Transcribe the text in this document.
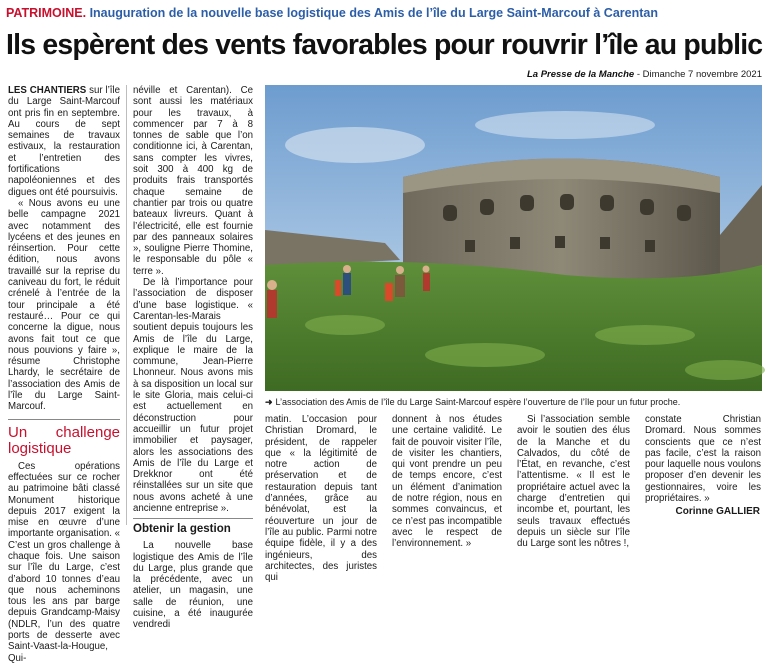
PATRIMOINE. Inauguration de la nouvelle base logistique des Amis de l’île du Large Saint-Marcouf à Carentan
Ils espèrent des vents favorables pour rouvrir l’île au public
La Presse de la Manche - Dimanche 7 novembre 2021

LES CHANTIERS sur l’île du Large Saint-Marcouf ont pris fin en septembre. Au cours de sept semaines de travaux estivaux, la restauration et l’entretien des fortifications napoléoniennes et des digues ont été poursuivis.

« Nous avons eu une belle campagne 2021 avec notamment des lycéens et des jeunes en réinsertion. Pour cette édition, nous avons travaillé sur la reprise du caniveau du fort, le réduit crénelé à l’entrée de la tour principale a été restauré… Pour ce qui concerne la digue, nous avons fait tout ce que nous pouvions y faire », résume Christophe Lhardy, le secrétaire de l’association des Amis de l’île du Large Saint-Marcouf.

Un challenge logistique

Ces opérations effectuées sur ce rocher au patrimoine bâti classé Monument historique depuis 2017 exigent la mise en œuvre d’une importante organisation. « C’est un gros challenge à chaque fois. Une saison sur l’île du Large, c’est d’abord 10 tonnes d’eau que nous acheminons tous les ans par barge depuis Grandcamp-Maisy (NDLR, l’un des quatre ports de desserte avec Saint-Vaast-la-Hougue, Qui-

néville et Carentan). Ce sont aussi les matériaux pour les travaux, à commencer par 7 à 8 tonnes de sable que l’on conditionne ici, à Carentan, sans compter les vivres, soit 300 à 400 kg de produits frais transportés chaque semaine de chantier par trois ou quatre bateaux livreurs. Quant à l’électricité, elle est fournie par des panneaux solaires », souligne Pierre Thomine, le responsable du pôle « terre ».

De là l’importance pour l’association de disposer d’une base logistique. « Carentan-les-Marais soutient depuis toujours les Amis de l’île du Large, explique le maire de la commune, Jean-Pierre Lhonneur. Nous avons mis à sa disposition un local sur le site Gloria, mais celui-ci est actuellement en déconstruction pour accueillir un futur projet immobilier et paysager, alors les associations des Amis de l’île du Large et Drekknor ont été réinstallées sur un site que nous avons acheté à une ancienne entreprise ».

Obtenir la gestion

La nouvelle base logistique des Amis de l’île du Large, plus grande que la précédente, avec un atelier, un magasin, une salle de réunion, une cuisine, a été inaugurée vendredi

➜ L’association des Amis de l’île du Large Saint-Marcouf espère l’ouverture de l’île pour un futur proche.

matin. L’occasion pour Christian Dromard, le président, de rappeler que « la légitimité de notre action de préservation et de restauration depuis tant d’années, grâce au bénévolat, est la réouverture un jour de l’île au public. Parmi notre équipe fidèle, il y a des ingénieurs, des architectes, des juristes qui

donnent à nos études une certaine validité. Le fait de pouvoir visiter l’île, de visiter les chantiers, qui vont prendre un peu de temps encore, c’est un élément d’animation de notre région, nous en sommes convaincus, et ce n’est pas incompatible avec le respect de l’environnement. »

Si l’association semble avoir le soutien des élus de la Manche et du Calvados, du côté de l’État, en revanche, c’est l’attentisme. « Il est le propriétaire actuel avec la charge d’entretien qui incombe et, pourtant, les seuls travaux effectués depuis un siècle sur l’île du Large sont les nôtres !,

constate Christian Dromard. Nous sommes conscients que ce n’est pas facile, c’est la raison pour laquelle nous voulons proposer d’en devenir les gestionnaires, voire les propriétaires. »

Corinne GALLIER
